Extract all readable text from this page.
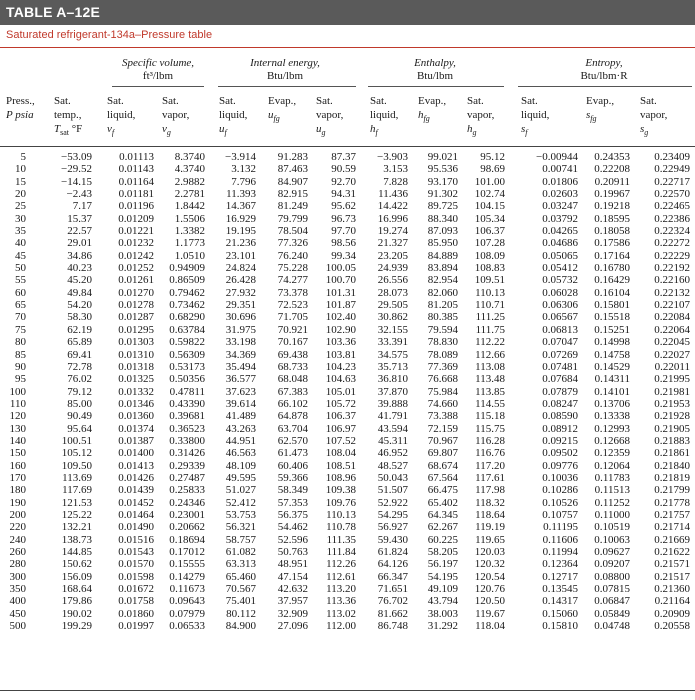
TABLE A–12E
Saturated refrigerant-134a–Pressure table
Specific volume,
ft³/lbm
Internal energy,
Btu/lbm
Enthalpy,
Btu/lbm
Entropy,
Btu/lbm·R
Press.,
P psia
Sat.
temp.,
$T_{sat}$ °F
Sat.
liquid,
$v_f$
Sat.
vapor,
$v_g$
Sat.
liquid,
$u_f$
Evap.,
$u_{fg}$
Sat.
vapor,
$u_g$
Sat.
liquid,
$h_f$
Evap.,
$h_{fg}$
Sat.
vapor,
$h_g$
Sat.
liquid,
$s_f$
Evap.,
$s_{fg}$
Sat.
vapor,
$s_g$
5
10
15
20
25
30
35
40
45
50
55
60
65
70
75
80
85
90
95
100
110
120
130
140
150
160
170
180
190
200
220
240
260
280
300
350
400
450
500
−53.09
−29.52
−14.15
−2.43
7.17
15.37
22.57
29.01
34.86
40.23
45.20
49.84
54.20
58.30
62.19
65.89
69.41
72.78
76.02
79.12
85.00
90.49
95.64
100.51
105.12
109.50
113.69
117.69
121.53
125.22
132.21
138.73
144.85
150.62
156.09
168.64
179.86
190.02
199.29
0.01113
0.01143
0.01164
0.01181
0.01196
0.01209
0.01221
0.01232
0.01242
0.01252
0.01261
0.01270
0.01278
0.01287
0.01295
0.01303
0.01310
0.01318
0.01325
0.01332
0.01346
0.01360
0.01374
0.01387
0.01400
0.01413
0.01426
0.01439
0.01452
0.01464
0.01490
0.01516
0.01543
0.01570
0.01598
0.01672
0.01758
0.01860
0.01997
8.3740
4.3740
2.9882
2.2781
1.8442
1.5506
1.3382
1.1773
1.0510
0.94909
0.86509
0.79462
0.73462
0.68290
0.63784
0.59822
0.56309
0.53173
0.50356
0.47811
0.43390
0.39681
0.36523
0.33800
0.31426
0.29339
0.27487
0.25833
0.24346
0.23001
0.20662
0.18694
0.17012
0.15555
0.14279
0.11673
0.09643
0.07979
0.06533
−3.914
3.132
7.796
11.393
14.367
16.929
19.195
21.236
23.101
24.824
26.428
27.932
29.351
30.696
31.975
33.198
34.369
35.494
36.577
37.623
39.614
41.489
43.263
44.951
46.563
48.109
49.595
51.027
52.412
53.753
56.321
58.757
61.082
63.313
65.460
70.567
75.401
80.112
84.900
91.283
87.463
84.907
82.915
81.249
79.799
78.504
77.326
76.240
75.228
74.277
73.378
72.523
71.705
70.921
70.167
69.438
68.733
68.048
67.383
66.102
64.878
63.704
62.570
61.473
60.406
59.366
58.349
57.353
56.375
54.462
52.596
50.763
48.951
47.154
42.632
37.957
32.909
27.096
87.37
90.59
92.70
94.31
95.62
96.73
97.70
98.56
99.34
100.05
100.70
101.31
101.87
102.40
102.90
103.36
103.81
104.23
104.63
105.01
105.72
106.37
106.97
107.52
108.04
108.51
108.96
109.38
109.76
110.13
110.78
111.35
111.84
112.26
112.61
113.20
113.36
113.02
112.00
−3.903
3.153
7.828
11.436
14.422
16.996
19.274
21.327
23.205
24.939
26.556
28.073
29.505
30.862
32.155
33.391
34.575
35.713
36.810
37.870
39.888
41.791
43.594
45.311
46.952
48.527
50.043
51.507
52.922
54.295
56.927
59.430
61.824
64.126
66.347
71.651
76.702
81.662
86.748
99.021
95.536
93.170
91.302
89.725
88.340
87.093
85.950
84.889
83.894
82.954
82.060
81.205
80.385
79.594
78.830
78.089
77.369
76.668
75.984
74.660
73.388
72.159
70.967
69.807
68.674
67.564
66.475
65.402
64.345
62.267
60.225
58.205
56.197
54.195
49.109
43.794
38.003
31.292
95.12
98.69
101.00
102.74
104.15
105.34
106.37
107.28
108.09
108.83
109.51
110.13
110.71
111.25
111.75
112.22
112.66
113.08
113.48
113.85
114.55
115.18
115.75
116.28
116.76
117.20
117.61
117.98
118.32
118.64
119.19
119.65
120.03
120.32
120.54
120.76
120.50
119.67
118.04
−0.00944
0.00741
0.01806
0.02603
0.03247
0.03792
0.04265
0.04686
0.05065
0.05412
0.05732
0.06028
0.06306
0.06567
0.06813
0.07047
0.07269
0.07481
0.07684
0.07879
0.08247
0.08590
0.08912
0.09215
0.09502
0.09776
0.10036
0.10286
0.10526
0.10757
0.11195
0.11606
0.11994
0.12364
0.12717
0.13545
0.14317
0.15060
0.15810
0.24353
0.22208
0.20911
0.19967
0.19218
0.18595
0.18058
0.17586
0.17164
0.16780
0.16429
0.16104
0.15801
0.15518
0.15251
0.14998
0.14758
0.14529
0.14311
0.14101
0.13706
0.13338
0.12993
0.12668
0.12359
0.12064
0.11783
0.11513
0.11252
0.11000
0.10519
0.10063
0.09627
0.09207
0.08800
0.07815
0.06847
0.05849
0.04748
0.23409
0.22949
0.22717
0.22570
0.22465
0.22386
0.22324
0.22272
0.22229
0.22192
0.22160
0.22132
0.22107
0.22084
0.22064
0.22045
0.22027
0.22011
0.21995
0.21981
0.21953
0.21928
0.21905
0.21883
0.21861
0.21840
0.21819
0.21799
0.21778
0.21757
0.21714
0.21669
0.21622
0.21571
0.21517
0.21360
0.21164
0.20909
0.20558
